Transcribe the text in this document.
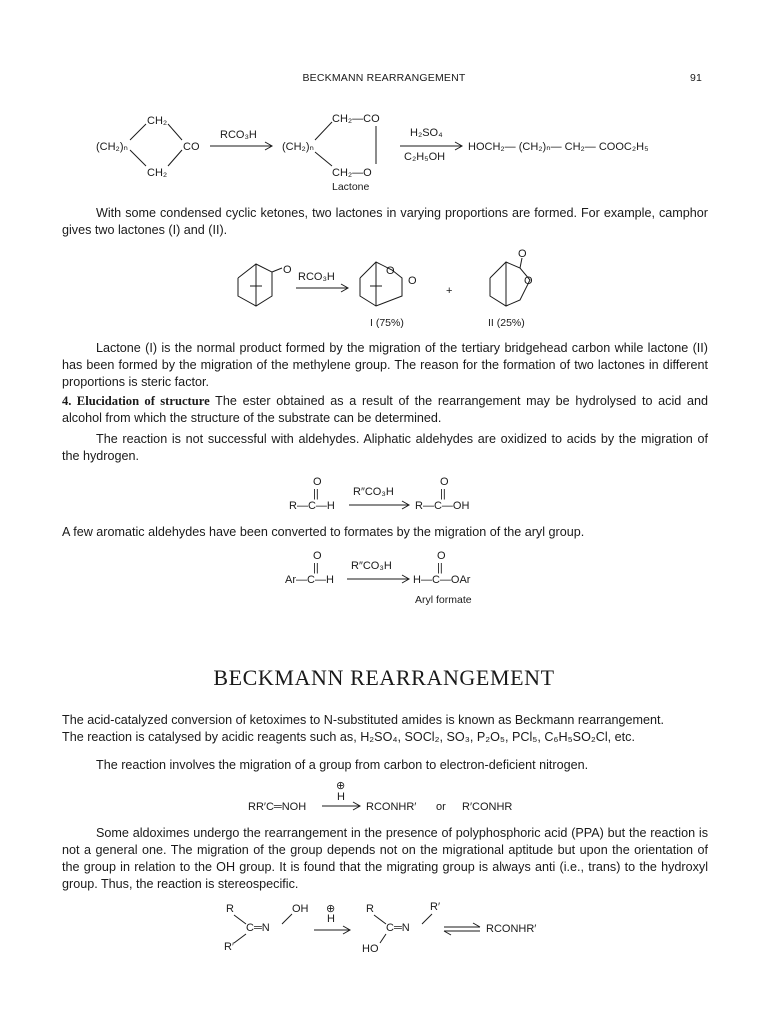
BECKMANN REARRANGEMENT	91
CH₂
(CH₂)ₙ	CO
CH₂
RCO₃H
CH₂—CO
(CH₂)ₙ
CH₂—O
Lactone
H₂SO₄
C₂H₅OH
HOCH₂— (CH₂)ₙ— CH₂— COOC₂H₅

With some condensed cyclic ketones, two lactones in varying proportions are formed. For example, camphor gives two lactones (I) and (II).

O
RCO₃H	O
O
I (75%)
+
O
O
II (25%)

Lactone (I) is the normal product formed by the migration of the tertiary bridgehead carbon while lactone (II) has been formed by the migration of the methylene group. The reason for the formation of two lactones in different proportions is steric factor.

4. Elucidation of structure The ester obtained as a result of the rearrangement may be hydrolysed to acid and alcohol from which the structure of the substrate can be determined.

The reaction is not successful with aldehydes. Aliphatic aldehydes are oxidized to acids by the migration of the hydrogen.

O
||
R—C—H
R″CO₃H
O
||
R—C—OH

A few aromatic aldehydes have been converted to formates by the migration of the aryl group.

O
||
Ar—C—H
R″CO₃H
O
||
H—C—OAr
Aryl formate
BECKMANN REARRANGEMENT

The acid-catalyzed conversion of ketoximes to N-substituted amides is known as Beckmann rearrangement.
The reaction is catalysed by acidic reagents such as, H₂SO₄, SOCl₂, SO₃, P₂O₅, PCl₅, C₆H₅SO₂Cl, etc.

The reaction involves the migration of a group from carbon to electron-deficient nitrogen.

RR′C═NOH
⊕
H
RCONHR′ or R′CONHR

Some aldoximes undergo the rearrangement in the presence of polyphosphoric acid (PPA) but the reaction is not a general one. The migration of the group depends not on the migrational aptitude but upon the orientation of the group in relation to the OH group. It is found that the migrating group is always anti (i.e., trans) to the hydroxyl group. Thus, the reaction is stereospecific.

R	OH
C═N
R′
⊕
H
R	R′
C═N
HO
RCONHR′
